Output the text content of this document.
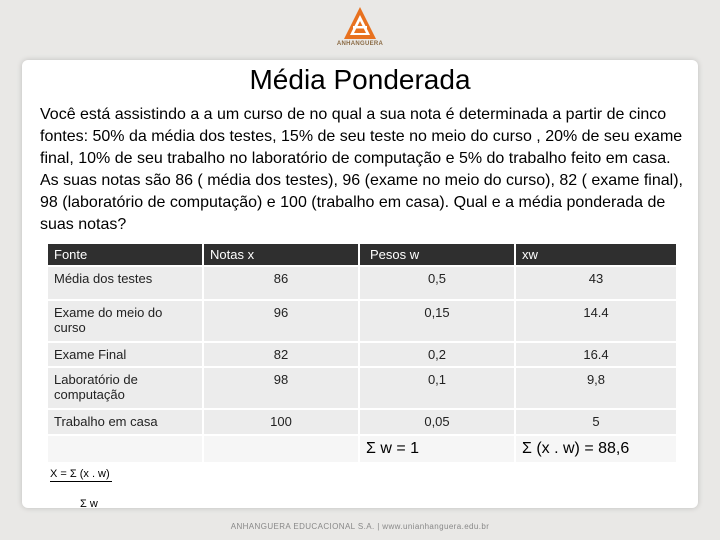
ANHANGUERA
Média Ponderada
Você está assistindo a a um curso de no qual a sua nota é determinada a partir de cinco fontes: 50% da média dos testes, 15% de seu teste no meio do curso , 20% de seu exame final, 10% de seu trabalho no laboratório de computação e 5% do trabalho feito em casa. As suas notas são 86 ( média dos testes), 96 (exame no meio do curso), 82 ( exame final), 98 (laboratório de computação) e 100 (trabalho em casa). Qual e a média ponderada de suas notas?
Fonte	Notas x	Pesos w	xw
Média dos testes	86	0,5	43
Exame do meio do curso	96	0,15	14.4
Exame Final	82	0,2	16.4
Laboratório de computação	98	0,1	9,8
Trabalho em casa	100	0,05	5
		Σ w = 1	Σ (x . w) = 88,6
$\frac{X = \Sigma (x . w)}{\text{Σ w}}$
ANHANGUERA EDUCACIONAL S.A. | www.unianhanguera.edu.br
